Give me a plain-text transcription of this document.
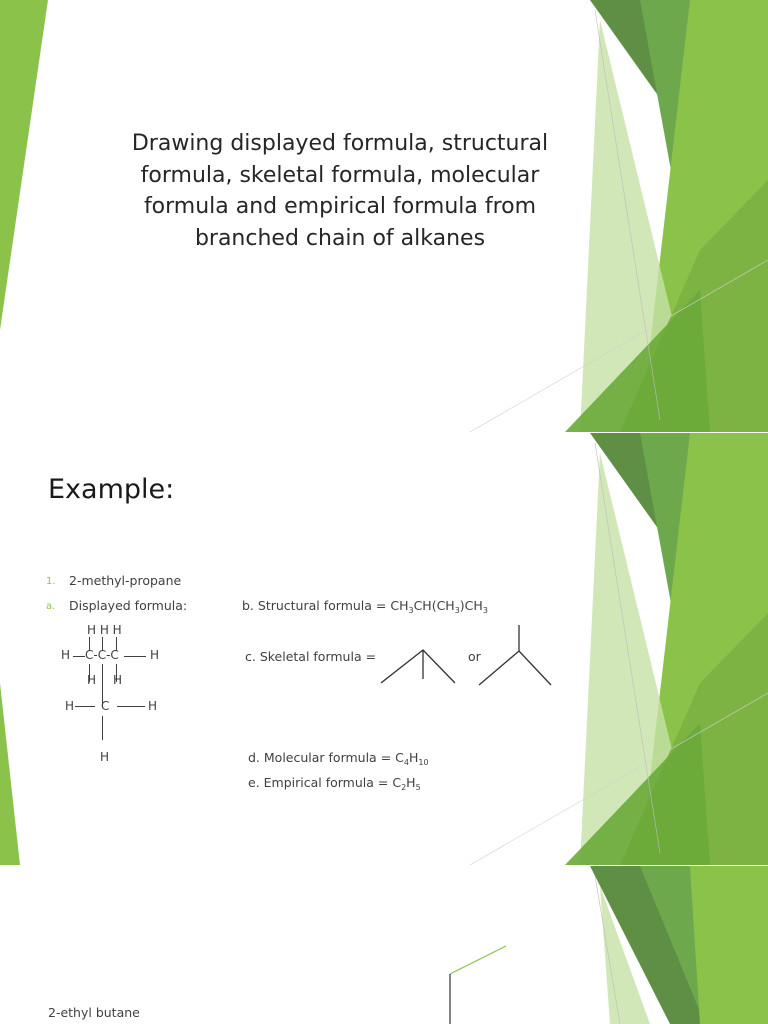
Drawing displayed formula, structural formula, skeletal formula, molecular formula and empirical formula from branched chain of alkanes
Example:
1. 2-methyl-propane
a. Displayed formula:
H H H
H C-C-C	H
H H
H C	H
H
b. Structural formula = $CH_3CH(CH_3)CH_3$
c. Skeletal formula =	or
d. Molecular formula = $C_4H_{10}$
e. Empirical formula = $C_2H_5$
2-ethyl butane
